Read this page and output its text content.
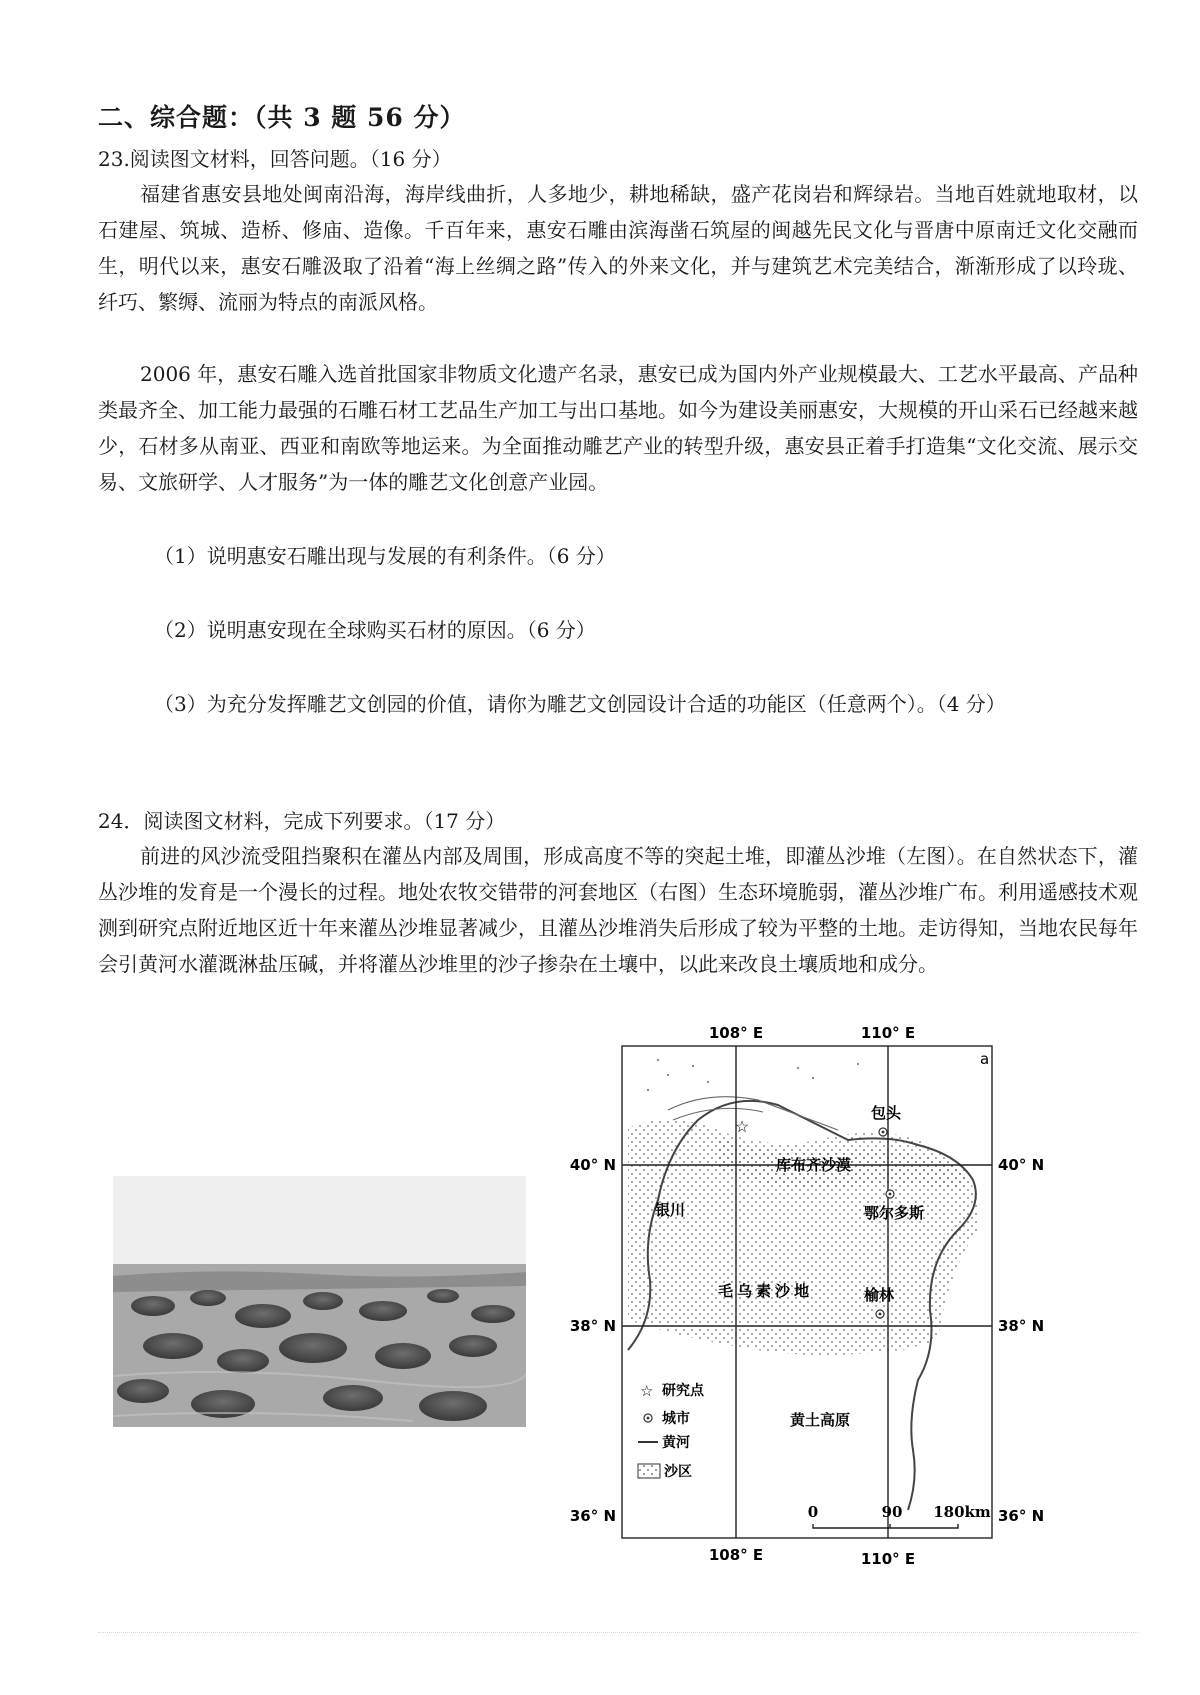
二、综合题：（共 3 题 56 分）
23.阅读图文材料，回答问题。（16 分）
福建省惠安县地处闽南沿海，海岸线曲折，人多地少，耕地稀缺，盛产花岗岩和辉绿岩。当地百姓就地取材，以石建屋、筑城、造桥、修庙、造像。千百年来，惠安石雕由滨海凿石筑屋的闽越先民文化与晋唐中原南迁文化交融而生，明代以来，惠安石雕汲取了沿着“海上丝绸之路”传入的外来文化，并与建筑艺术完美结合，渐渐形成了以玲珑、纤巧、繁缛、流丽为特点的南派风格。
2006 年，惠安石雕入选首批国家非物质文化遗产名录，惠安已成为国内外产业规模最大、工艺水平最高、产品种类最齐全、加工能力最强的石雕石材工艺品生产加工与出口基地。如今为建设美丽惠安，大规模的开山采石已经越来越少，石材多从南亚、西亚和南欧等地运来。为全面推动雕艺产业的转型升级，惠安县正着手打造集“文化交流、展示交易、文旅研学、人才服务”为一体的雕艺文化创意产业园。
（1）说明惠安石雕出现与发展的有利条件。（6 分）
（2）说明惠安现在全球购买石材的原因。（6 分）
（3）为充分发挥雕艺文创园的价值，请你为雕艺文创园设计合适的功能区（任意两个）。（4 分）
24．阅读图文材料，完成下列要求。（17 分）
前进的风沙流受阻挡聚积在灌丛内部及周围，形成高度不等的突起土堆，即灌丛沙堆（左图）。在自然状态下，灌丛沙堆的发育是一个漫长的过程。地处农牧交错带的河套地区（右图）生态环境脆弱，灌丛沙堆广布。利用遥感技术观测到研究点附近地区近十年来灌丛沙堆显著减少，且灌丛沙堆消失后形成了较为平整的土地。走访得知，当地农民每年会引黄河水灌溉淋盐压碱，并将灌丛沙堆里的沙子掺杂在土壤中，以此来改良土壤质地和成分。
108° E	110° E
108° E	110° E
40° N
38° N
36° N
40° N
38° N
36° N
a
☆
包头
库布齐沙漠
银川	鄂尔多斯
毛乌素沙地	榆林
黄土高原
☆ 研究点
城市
黄河
沙区
0	90 180km
